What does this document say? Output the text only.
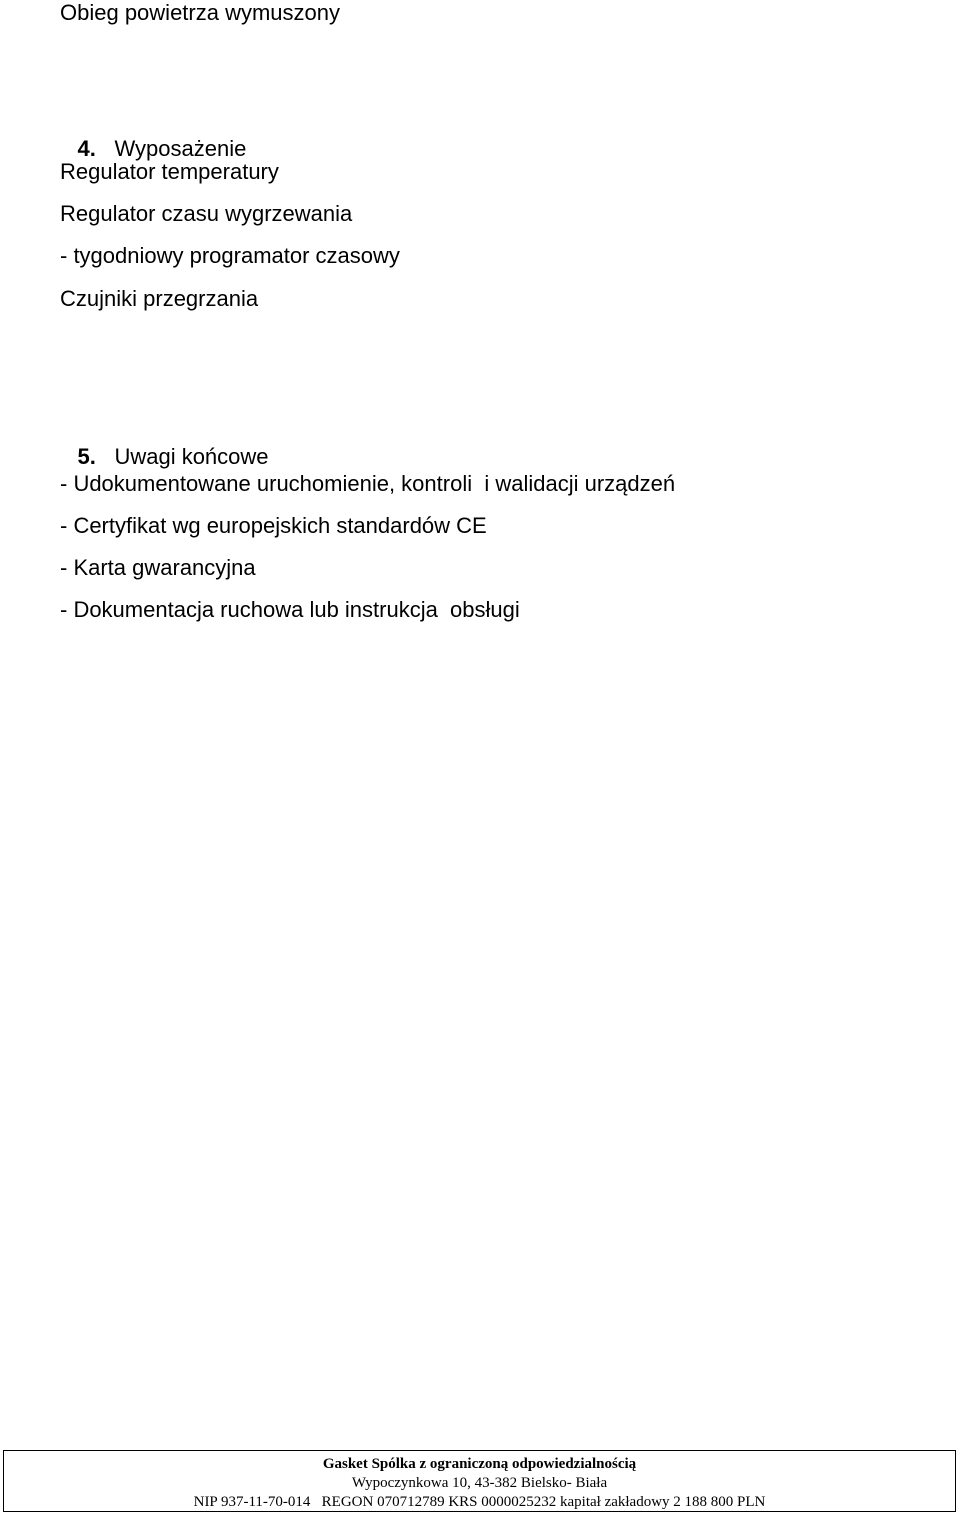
Obieg powietrza wymuszony

4. Wyposażenie

Regulator temperatury
Regulator czasu wygrzewania
- tygodniowy programator czasowy
Czujniki przegrzania

5. Uwagi końcowe

- Udokumentowane uruchomienie, kontroli  i walidacji urządzeń
- Certyfikat wg europejskich standardów CE
- Karta gwarancyjna
- Dokumentacja ruchowa lub instrukcja  obsługi
Gasket Spólka z ograniczoną odpowiedzialnością
Wypoczynkowa 10, 43-382 Bielsko- Biała
NIP 937-11-70-014   REGON 070712789 KRS 0000025232 kapitał zakładowy 2 188 800 PLN
